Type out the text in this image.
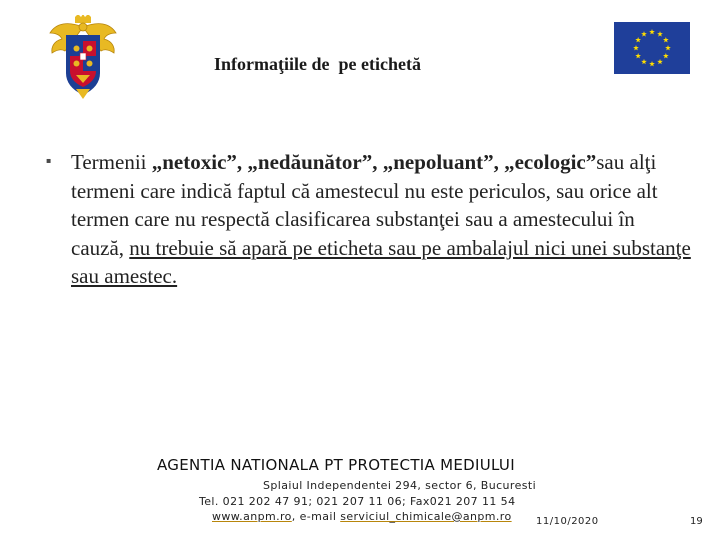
Informaţiile de  pe etichetă
▪ Termenii „netoxic”, „nedăunător”, „nepoluant”, „ecologic”sau alţi termeni care indică faptul că amestecul nu este periculos, sau orice alt termen care nu respectă clasificarea substanţei sau a amestecului în cauză, nu trebuie să apară pe eticheta sau pe ambalajul nici unei substanţe sau amestec.
AGENTIA NATIONALA PT PROTECTIA MEDIULUI
Splaiul Independentei 294, sector 6, Bucuresti
Tel. 021 202 47 91; 021 207 11 06; Fax021 207 11 54
www.anpm.ro, e-mail serviciul_chimicale@anpm.ro 11/10/2020	19
